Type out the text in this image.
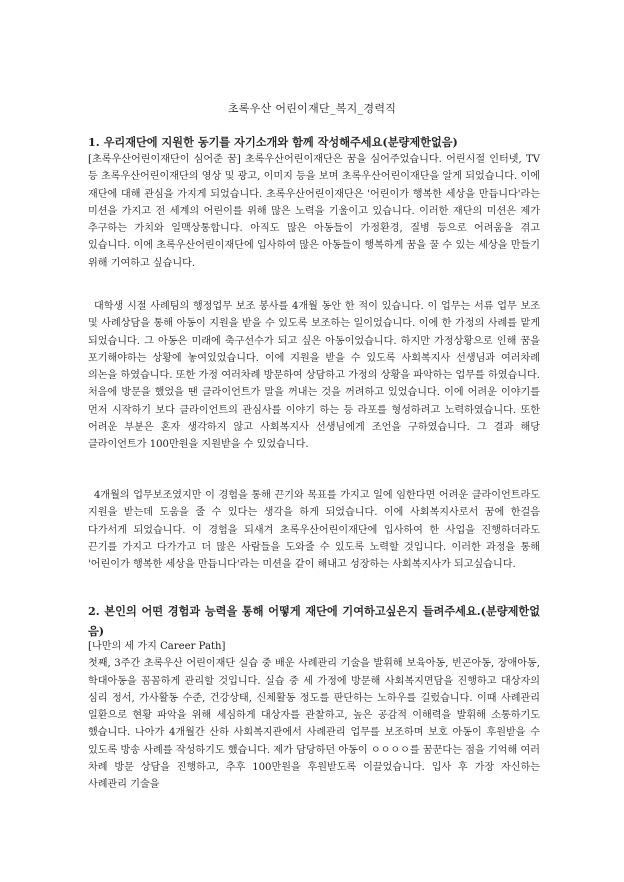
초록우산 어린이재단_복지_경력직
1. 우리재단에 지원한 동기를 자기소개와 함께 작성해주세요(분량제한없음)
[초록우산어린이재단이 심어준 꿈] 초록우산어린이재단은 꿈을 심어주었습니다. 어린시절 인터넷, TV 등 초록우산어린이재단의 영상 및 광고, 이미지 등을 보며 초록우산어린이재단을 알게 되었습니다. 이에 재단에 대해 관심을 가지게 되었습니다. 초록우산어린이재단은 '어린이가 행복한 세상을 만듭니다'라는 미션을 가지고 전 세계의 어린이를 위해 많은 노력을 기울이고 있습니다. 이러한 재단의 미션은 제가 추구하는 가치와 일맥상통합니다. 아직도 많은 아동들이 가정환경, 질병 등으로 어려움을 겪고 있습니다. 이에 초록우산어린이재단에 입사하여 많은 아동들이 행복하게 꿈을 꿀 수 있는 세상을 만들기 위해 기여하고 싶습니다.
대학생 시절 사례팀의 행정업무 보조 봉사를 4개월 동안 한 적이 있습니다. 이 업무는 서류 업무 보조 및 사례상담을 통해 아동이 지원을 받을 수 있도록 보조하는 일이었습니다. 이에 한 가정의 사례를 맡게 되었습니다. 그 아동은 미래에 축구선수가 되고 싶은 아동이었습니다. 하지만 가정상황으로 인해 꿈을 포기해야하는 상황에 놓여있었습니다. 이에 지원을 받을 수 있도록 사회복지사 선생님과 여러차례 의논을 하였습니다. 또한 가정 여러차례 방문하여 상담하고 가정의 상황을 파악하는 업무를 하였습니다. 처음에 방문을 했었을 땐 클라이언트가 말을 꺼내는 것을 꺼려하고 있었습니다. 이에 어려운 이야기를 먼저 시작하기 보다 클라이언트의 관심사를 이야기 하는 등 라포를 형성하려고 노력하였습니다. 또한 어려운 부분은 혼자 생각하지 않고 사회복지사 선생님에게 조언을 구하였습니다. 그 결과 해당 클라이언트가 100만원을 지원받을 수 있었습니다.
4개월의 업무보조였지만 이 경험을 통해 끈기와 목표를 가지고 일에 임한다면 어려운 클라이언트라도 지원을 받는데 도움을 줄 수 있다는 생각을 하게 되었습니다. 이에 사회복지사로서 꿈에 한걸음 다가서게 되었습니다. 이 경험을 되새겨 초록우산어린이재단에 입사하여 한 사업을 진행하더라도 끈기를 가지고 다가가고 더 많은 사람들을 도와줄 수 있도록 노력할 것입니다. 이러한 과정을 통해 '어린이가 행복한 세상을 만듭니다'라는 미션을 같이 해내고 성장하는 사회복지사가 되고싶습니다.
2. 본인의 어떤 경험과 능력을 통해 어떻게 재단에 기여하고싶은지 들려주세요.(분량제한없음)
[나만의 세 가지 Career Path]
첫째, 3주간 초록우산 어린이재단 실습 중 배운 사례관리 기술을 발휘해 보육아동, 빈곤아동, 장애아동, 학대아동을 꼼꼼하게 관리할 것입니다. 실습 중 세 가정에 방문해 사회복지면담을 진행하고 대상자의 심리 정서, 가사활동 수준, 건강상태, 신체활동 정도를 판단하는 노하우를 길렀습니다. 이때 사례관리 일환으로 현황 파악을 위해 세심하게 대상자를 관찰하고, 높은 공감적 이해력을 발휘해 소통하기도 했습니다. 나아가 4개월간 산하 사회복지관에서 사례관리 업무를 보조하며 보호 아동이 후원받을 수 있도록 방송 사례를 작성하기도 했습니다. 제가 담당하던 아동이 ㅇㅇㅇㅇ를 꿈꾼다는 점을 기억해 여러 차례 방문 상담을 진행하고, 추후 100만원을 후원받도록 이끌었습니다. 입사 후 가장 자신하는 사례관리 기술을
